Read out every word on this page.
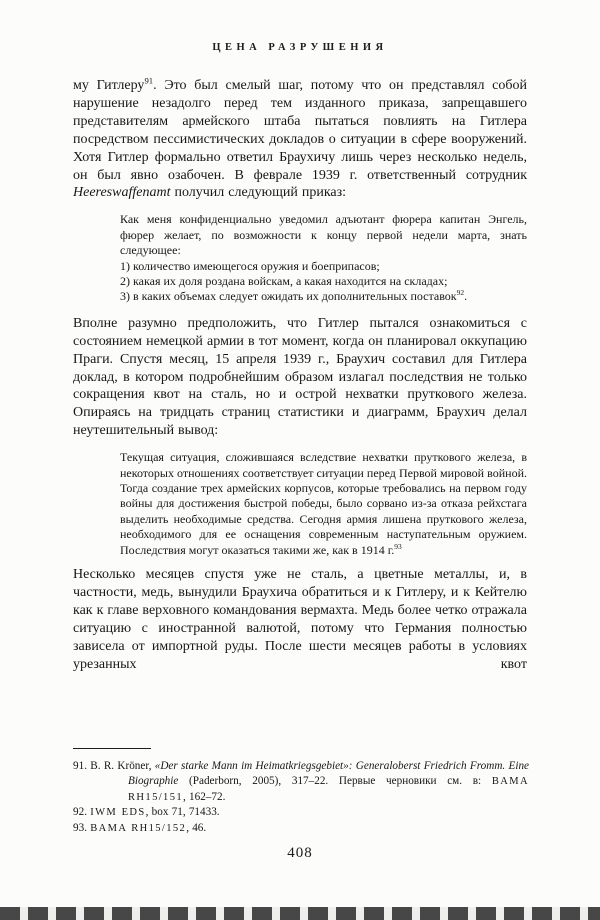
ЦЕНА РАЗРУШЕНИЯ

му Гитлеру$^{91}$. Это был смелый шаг, потому что он представлял собой нарушение незадолго перед тем изданного приказа, запрещавшего представителям армейского штаба пытаться повлиять на Гитлера посредством пессимистических докладов о ситуации в сфере вооружений. Хотя Гитлер формально ответил Браухичу лишь через несколько недель, он был явно озабочен. В феврале 1939 г. ответственный сотрудник Heereswaffenamt получил следующий приказ:

Как меня конфиденциально уведомил адъютант фюрера капитан Энгель, фюрер желает, по возможности к концу первой недели марта, знать следующее:
1) количество имеющегося оружия и боеприпасов;
2) какая их доля роздана войскам, а какая находится на складах;
3) в каких объемах следует ожидать их дополнительных поставок$^{92}$.

Вполне разумно предположить, что Гитлер пытался ознакомиться с состоянием немецкой армии в тот момент, когда он планировал оккупацию Праги. Спустя месяц, 15 апреля 1939 г., Браухич составил для Гитлера доклад, в котором подробнейшим образом излагал последствия не только сокращения квот на сталь, но и острой нехватки пруткового железа. Опираясь на тридцать страниц статистики и диаграмм, Браухич делал неутешительный вывод:

Текущая ситуация, сложившаяся вследствие нехватки пруткового железа, в некоторых отношениях соответствует ситуации перед Первой мировой войной. Тогда создание трех армейских корпусов, которые требовались на первом году войны для достижения быстрой победы, было сорвано из-за отказа рейхстага выделить необходимые средства. Сегодня армия лишена пруткового железа, необходимого для ее оснащения современным наступательным оружием. Последствия могут оказаться такими же, как в 1914 г.$^{93}$

Несколько месяцев спустя уже не сталь, а цветные металлы, и, в частности, медь, вынудили Браухича обратиться и к Гитлеру, и к Кейтелю как к главе верховного командования вермахта. Медь более четко отражала ситуацию с иностранной валютой, потому что Германия полностью зависела от импортной руды. После шести месяцев работы в условиях урезанных квот

91. B. R. Kröner, «Der starke Mann im Heimatkriegsgebiet»: Generaloberst Friedrich Fromm. Eine Biographie (Paderborn, 2005), 317–22. Первые черновики см. в: BAMA RH15/151, 162–72.
92. IWM EDS, box 71, 71433.
93. BAMA RH15/152, 46.
408
